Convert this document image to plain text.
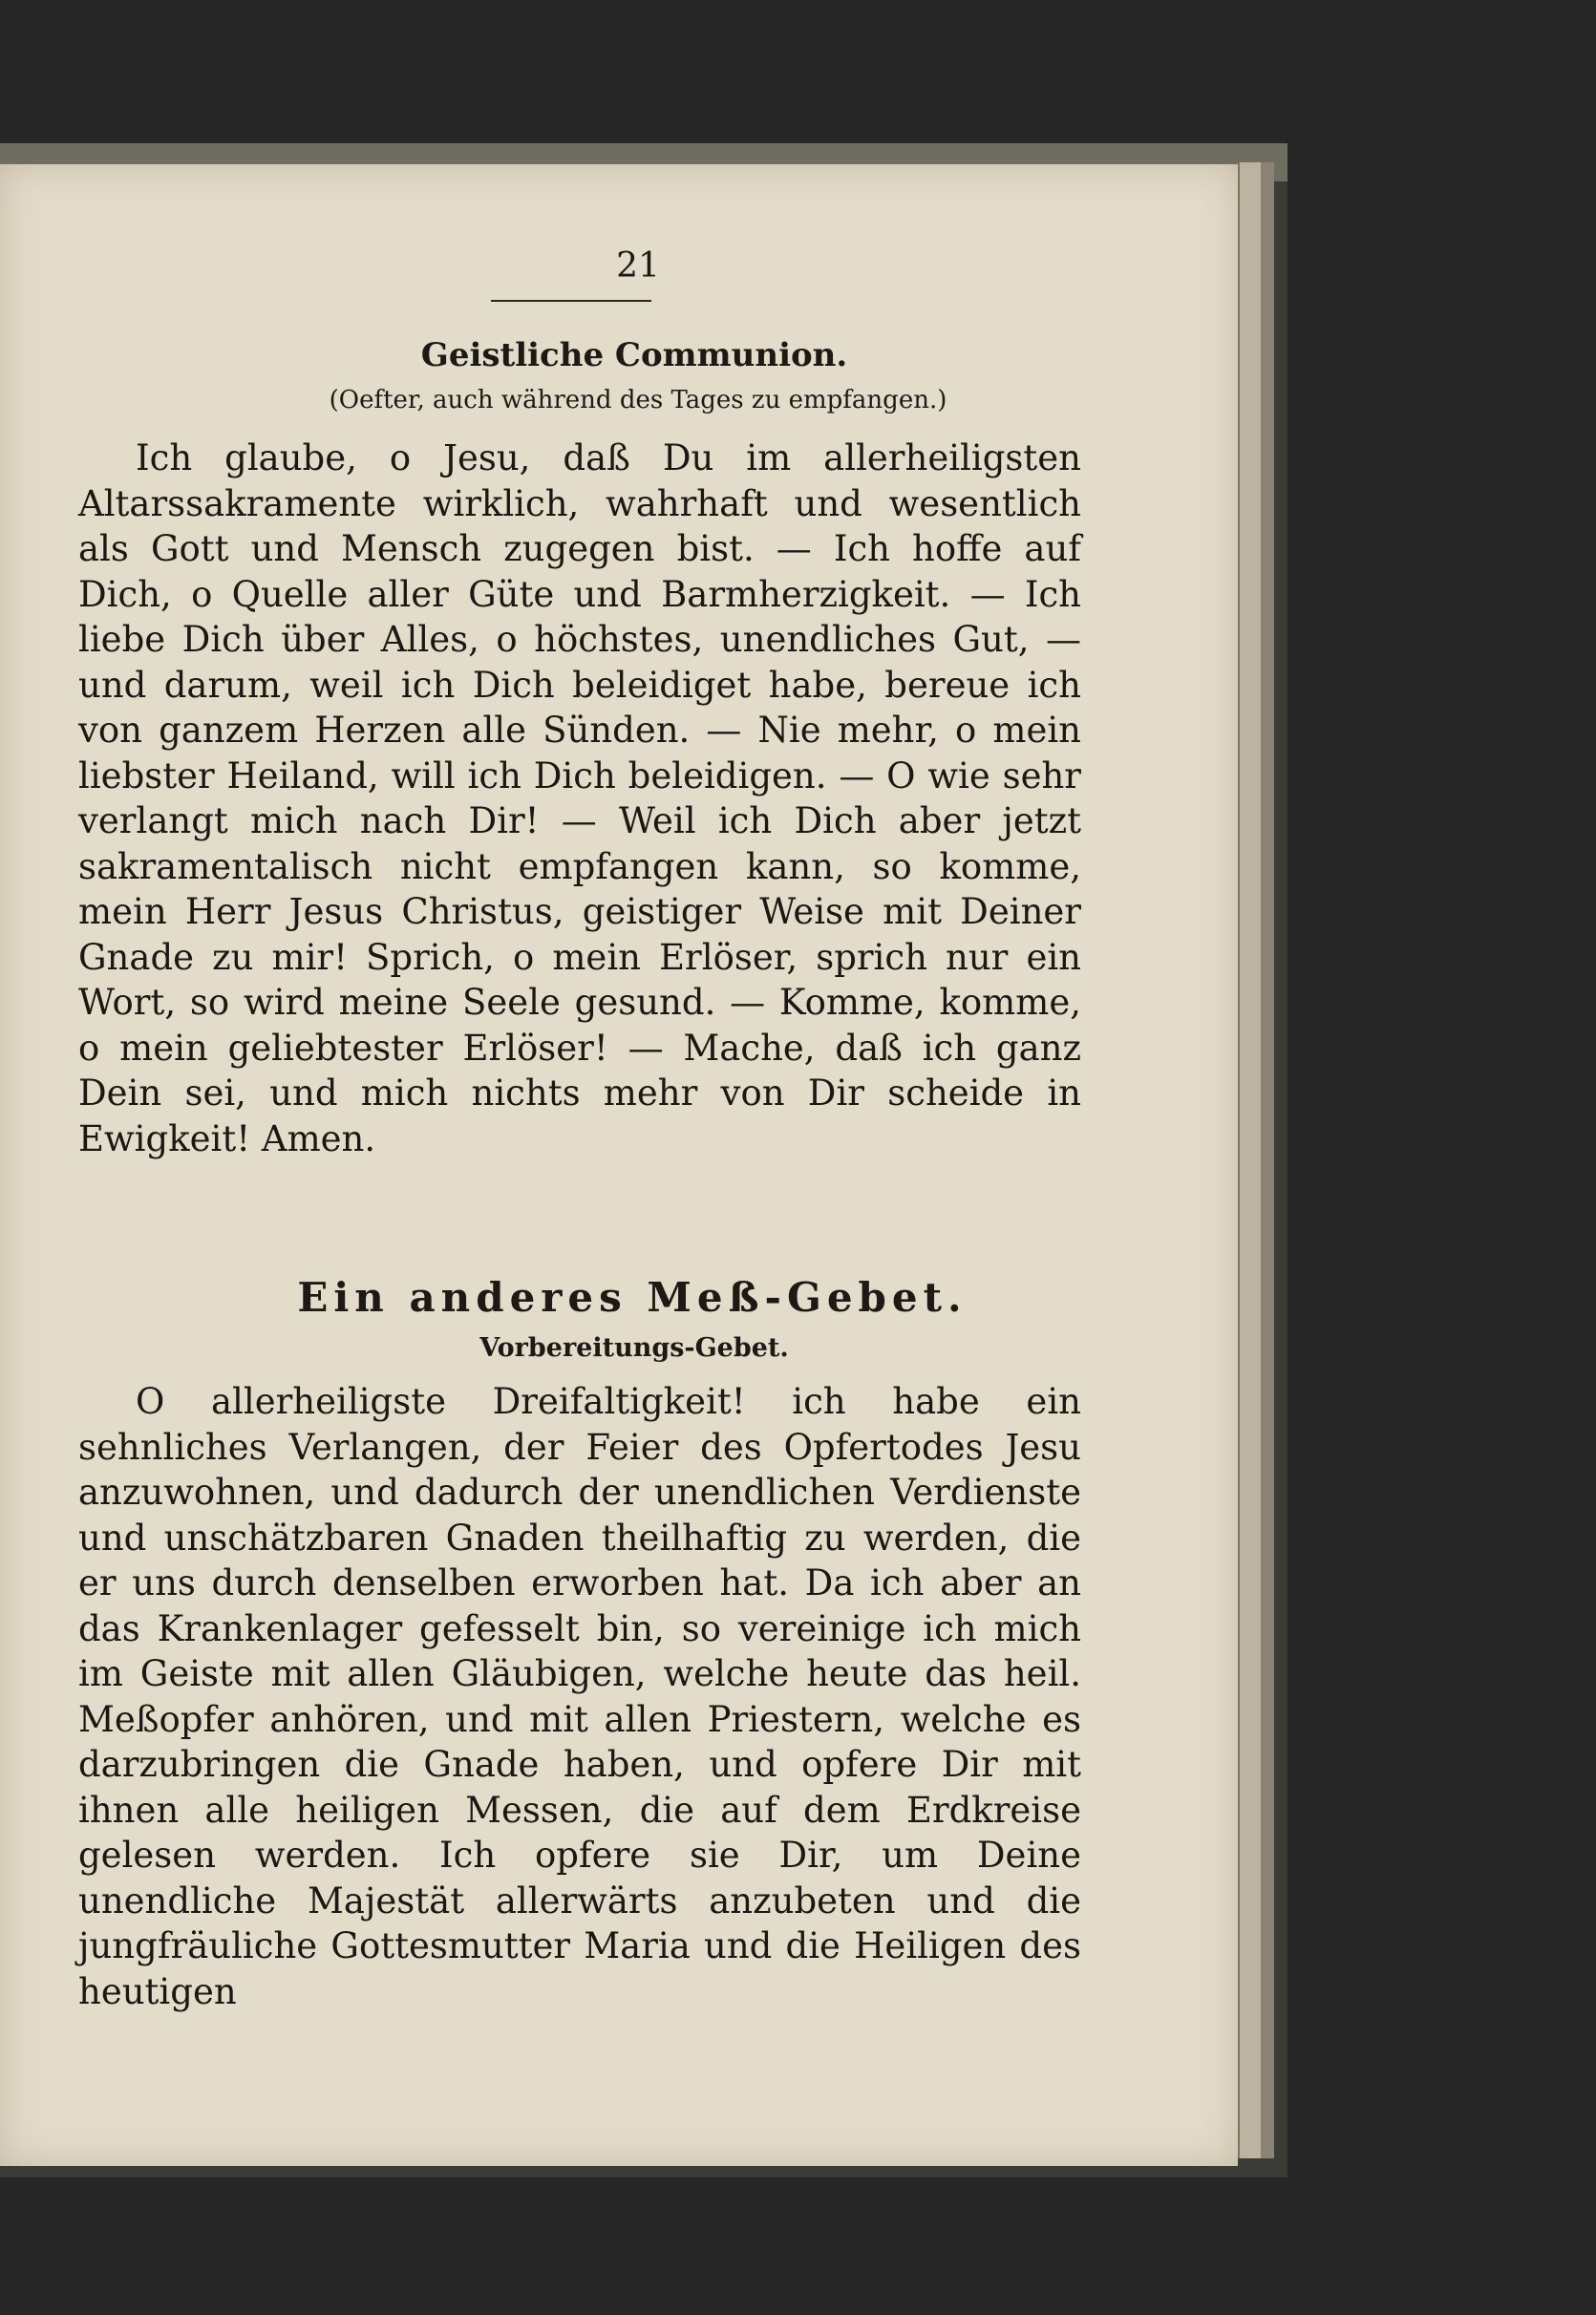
21
Geistliche Communion.
(Oefter, auch während des Tages zu empfangen.)

Ich glaube, o Jesu, daß Du im allerheiligsten Altarssakramente wirklich, wahrhaft und wesentlich als Gott und Mensch zugegen bist. — Ich hoffe auf Dich, o Quelle aller Güte und Barmherzigkeit. — Ich liebe Dich über Alles, o höchstes, unendliches Gut, — und darum, weil ich Dich beleidiget habe, bereue ich von ganzem Herzen alle Sünden. — Nie mehr, o mein liebster Heiland, will ich Dich beleidigen. — O wie sehr verlangt mich nach Dir! — Weil ich Dich aber jetzt sakramentalisch nicht empfangen kann, so komme, mein Herr Jesus Christus, geistiger Weise mit Deiner Gnade zu mir! Sprich, o mein Erlöser, sprich nur ein Wort, so wird meine Seele gesund. — Komme, komme, o mein geliebtester Erlöser! — Mache, daß ich ganz Dein sei, und mich nichts mehr von Dir scheide in Ewigkeit! Amen.

Ein anderes Meß-Gebet.
Vorbereitungs-Gebet.

O allerheiligste Dreifaltigkeit! ich habe ein sehnliches Verlangen, der Feier des Opfertodes Jesu anzuwohnen, und dadurch der unendlichen Verdienste und unschätzbaren Gnaden theilhaftig zu werden, die er uns durch denselben erworben hat. Da ich aber an das Krankenlager gefesselt bin, so vereinige ich mich im Geiste mit allen Gläubigen, welche heute das heil. Meßopfer anhören, und mit allen Priestern, welche es darzubringen die Gnade haben, und opfere Dir mit ihnen alle heiligen Messen, die auf dem Erdkreise gelesen werden. Ich opfere sie Dir, um Deine unendliche Majestät allerwärts anzubeten und die jungfräuliche Gottesmutter Maria und die Heiligen des heutigen
